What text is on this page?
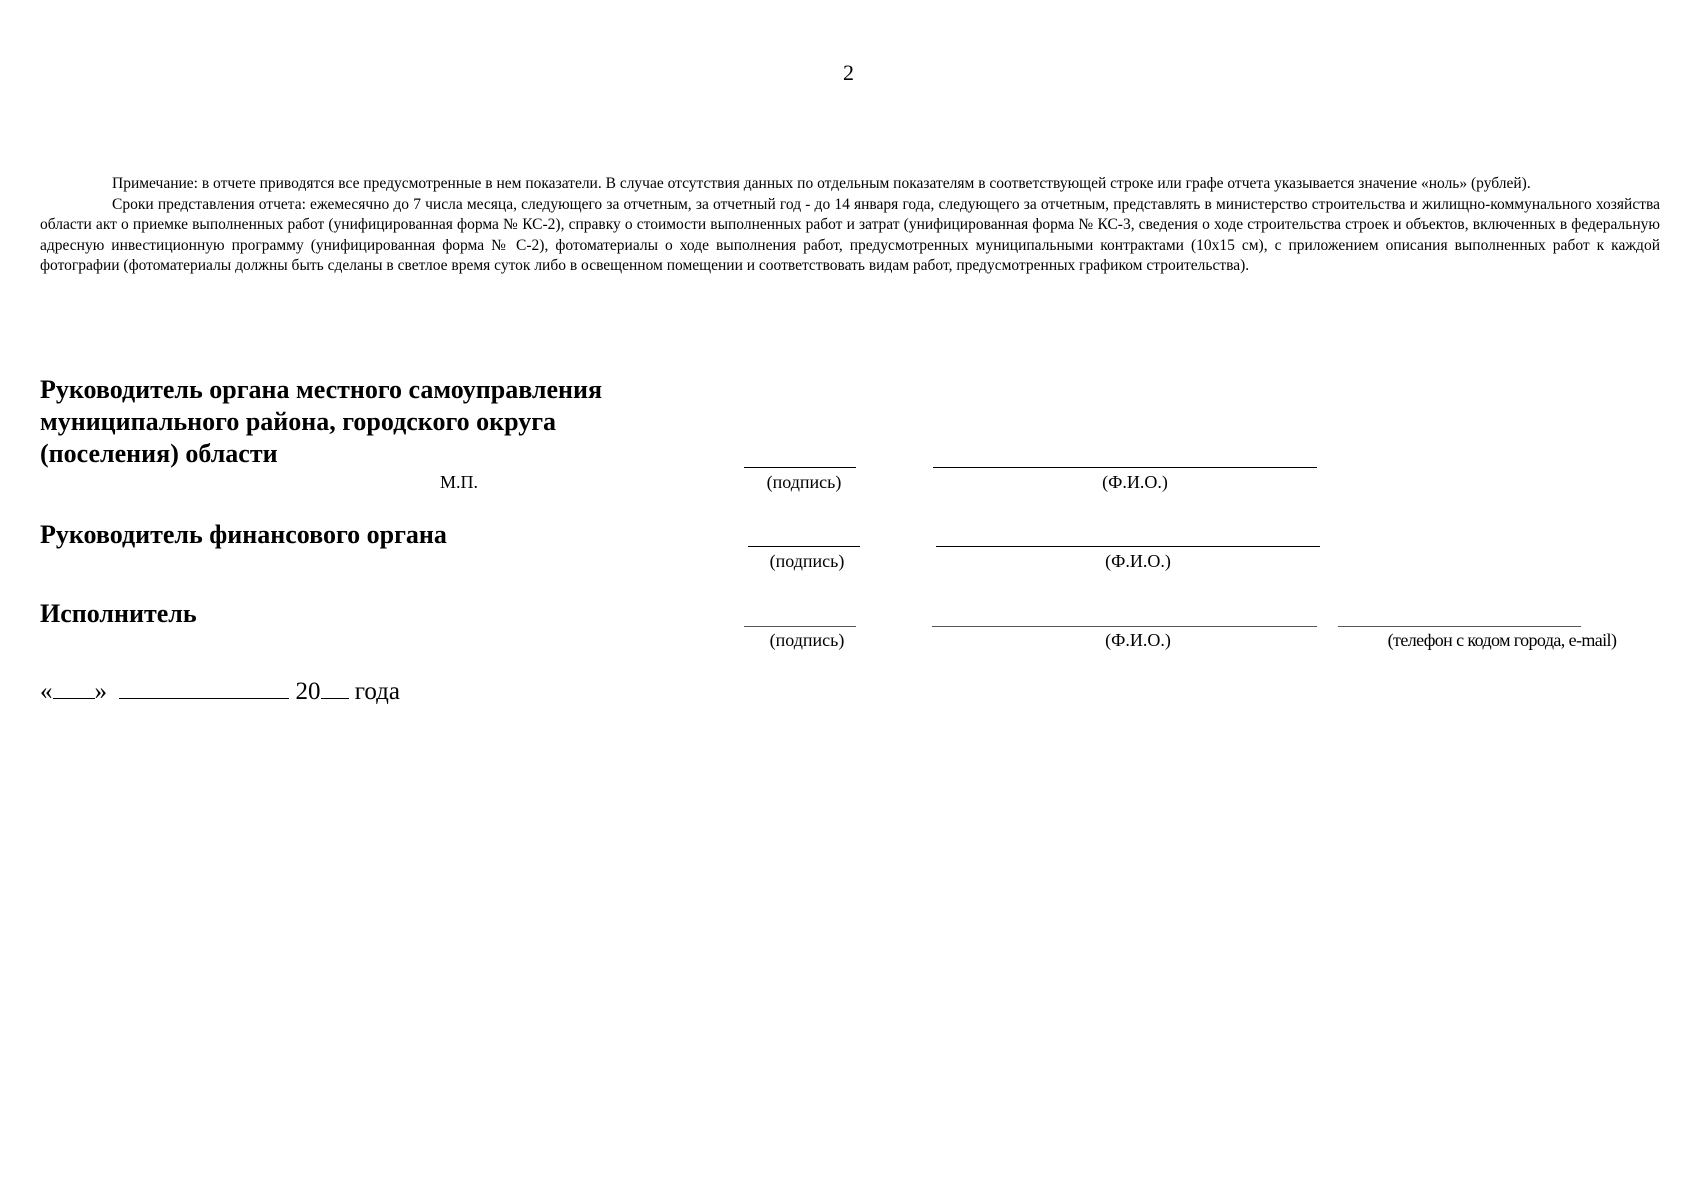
2

Примечание: в отчете приводятся все предусмотренные в нем показатели. В случае отсутствия данных по отдельным показателям в соответствующей строке или графе отчета указывается значение «ноль» (рублей).

Сроки представления отчета: ежемесячно до 7 числа месяца, следующего за отчетным, за отчетный год - до 14 января года, следующего за отчетным, представлять в министерство строительства и жилищно-коммунального хозяйства области акт о приемке выполненных работ (унифицированная форма № КС-2), справку о стоимости выполненных работ и затрат (унифицированная форма № КС-3, сведения о ходе строительства строек и объектов, включенных в федеральную адресную инвестиционную программу (унифицированная форма № С-2), фотоматериалы о ходе выполнения работ, предусмотренных муниципальными контрактами (10х15 см), с приложением описания выполненных работ к каждой фотографии (фотоматериалы должны быть сделаны в светлое время суток либо в освещенном помещении и соответствовать видам работ, предусмотренных графиком строительства).

Руководитель органа местного самоуправления
муниципального района, городского округа
(поселения) области
М.П.	(подпись)	(Ф.И.О.)
Руководитель финансового органа
(подпись)	(Ф.И.О.)
Исполнитель
(подпись)	(Ф.И.О.)	(телефон с кодом города, e-mail)
« »	20 года
